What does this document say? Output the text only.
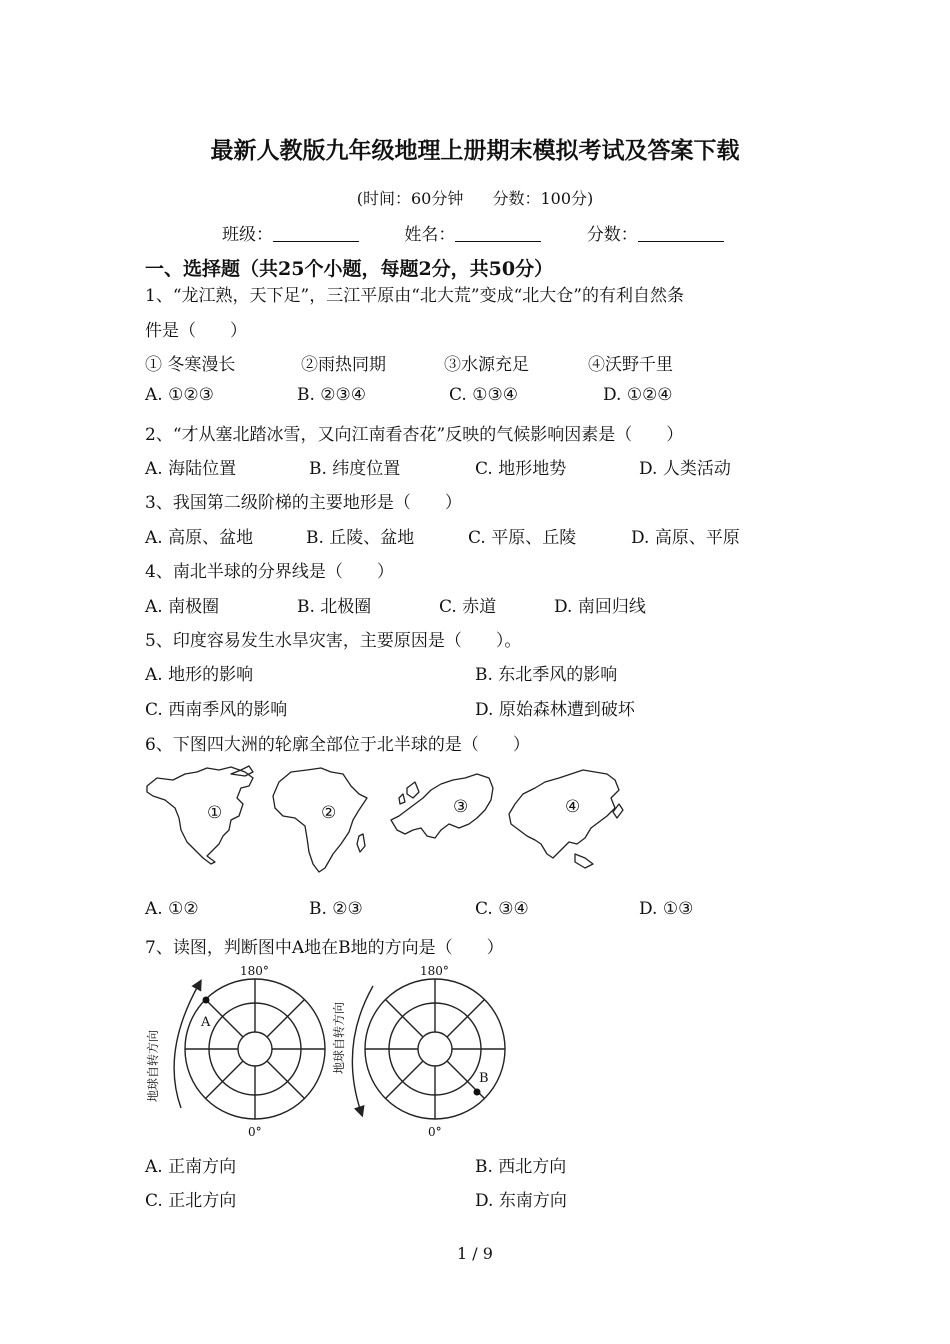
最新人教版九年级地理上册期末模拟考试及答案下载
(时间：60分钟 分数：100分)
班级：	姓名：	分数：
一、选择题（共25个小题，每题2分，共50分）
1、“龙江熟，天下足”，三江平原由“北大荒”变成“北大仓”的有利自然条
件是（　　）
① 冬寒漫长	②雨热同期	③水源充足	④沃野千里
A. ①②③	B. ②③④	C. ①③④	D. ①②④
2、“才从塞北踏冰雪，又向江南看杏花”反映的气候影响因素是（　　）
A. 海陆位置	B. 纬度位置	C. 地形地势	D. 人类活动
3、我国第二级阶梯的主要地形是（　　）
A. 高原、盆地	B. 丘陵、盆地	C. 平原、丘陵	D. 高原、平原
4、南北半球的分界线是（　　）
A. 南极圈	B. 北极圈	C. 赤道	D. 南回归线
5、印度容易发生水旱灾害，主要原因是（　　）。
A. 地形的影响	B. 东北季风的影响
C. 西南季风的影响	D. 原始森林遭到破坏
6、下图四大洲的轮廓全部位于北半球的是（　　）
①	②	③	④
A. ①②	B. ②③	C. ③④	D. ①③
7、读图，判断图中A地在B地的方向是（　　）
180°
0°
180°
0°
A
B
地球自转方向	地球自转方向
A. 正南方向	B. 西北方向
C. 正北方向	D. 东南方向
1 / 9
